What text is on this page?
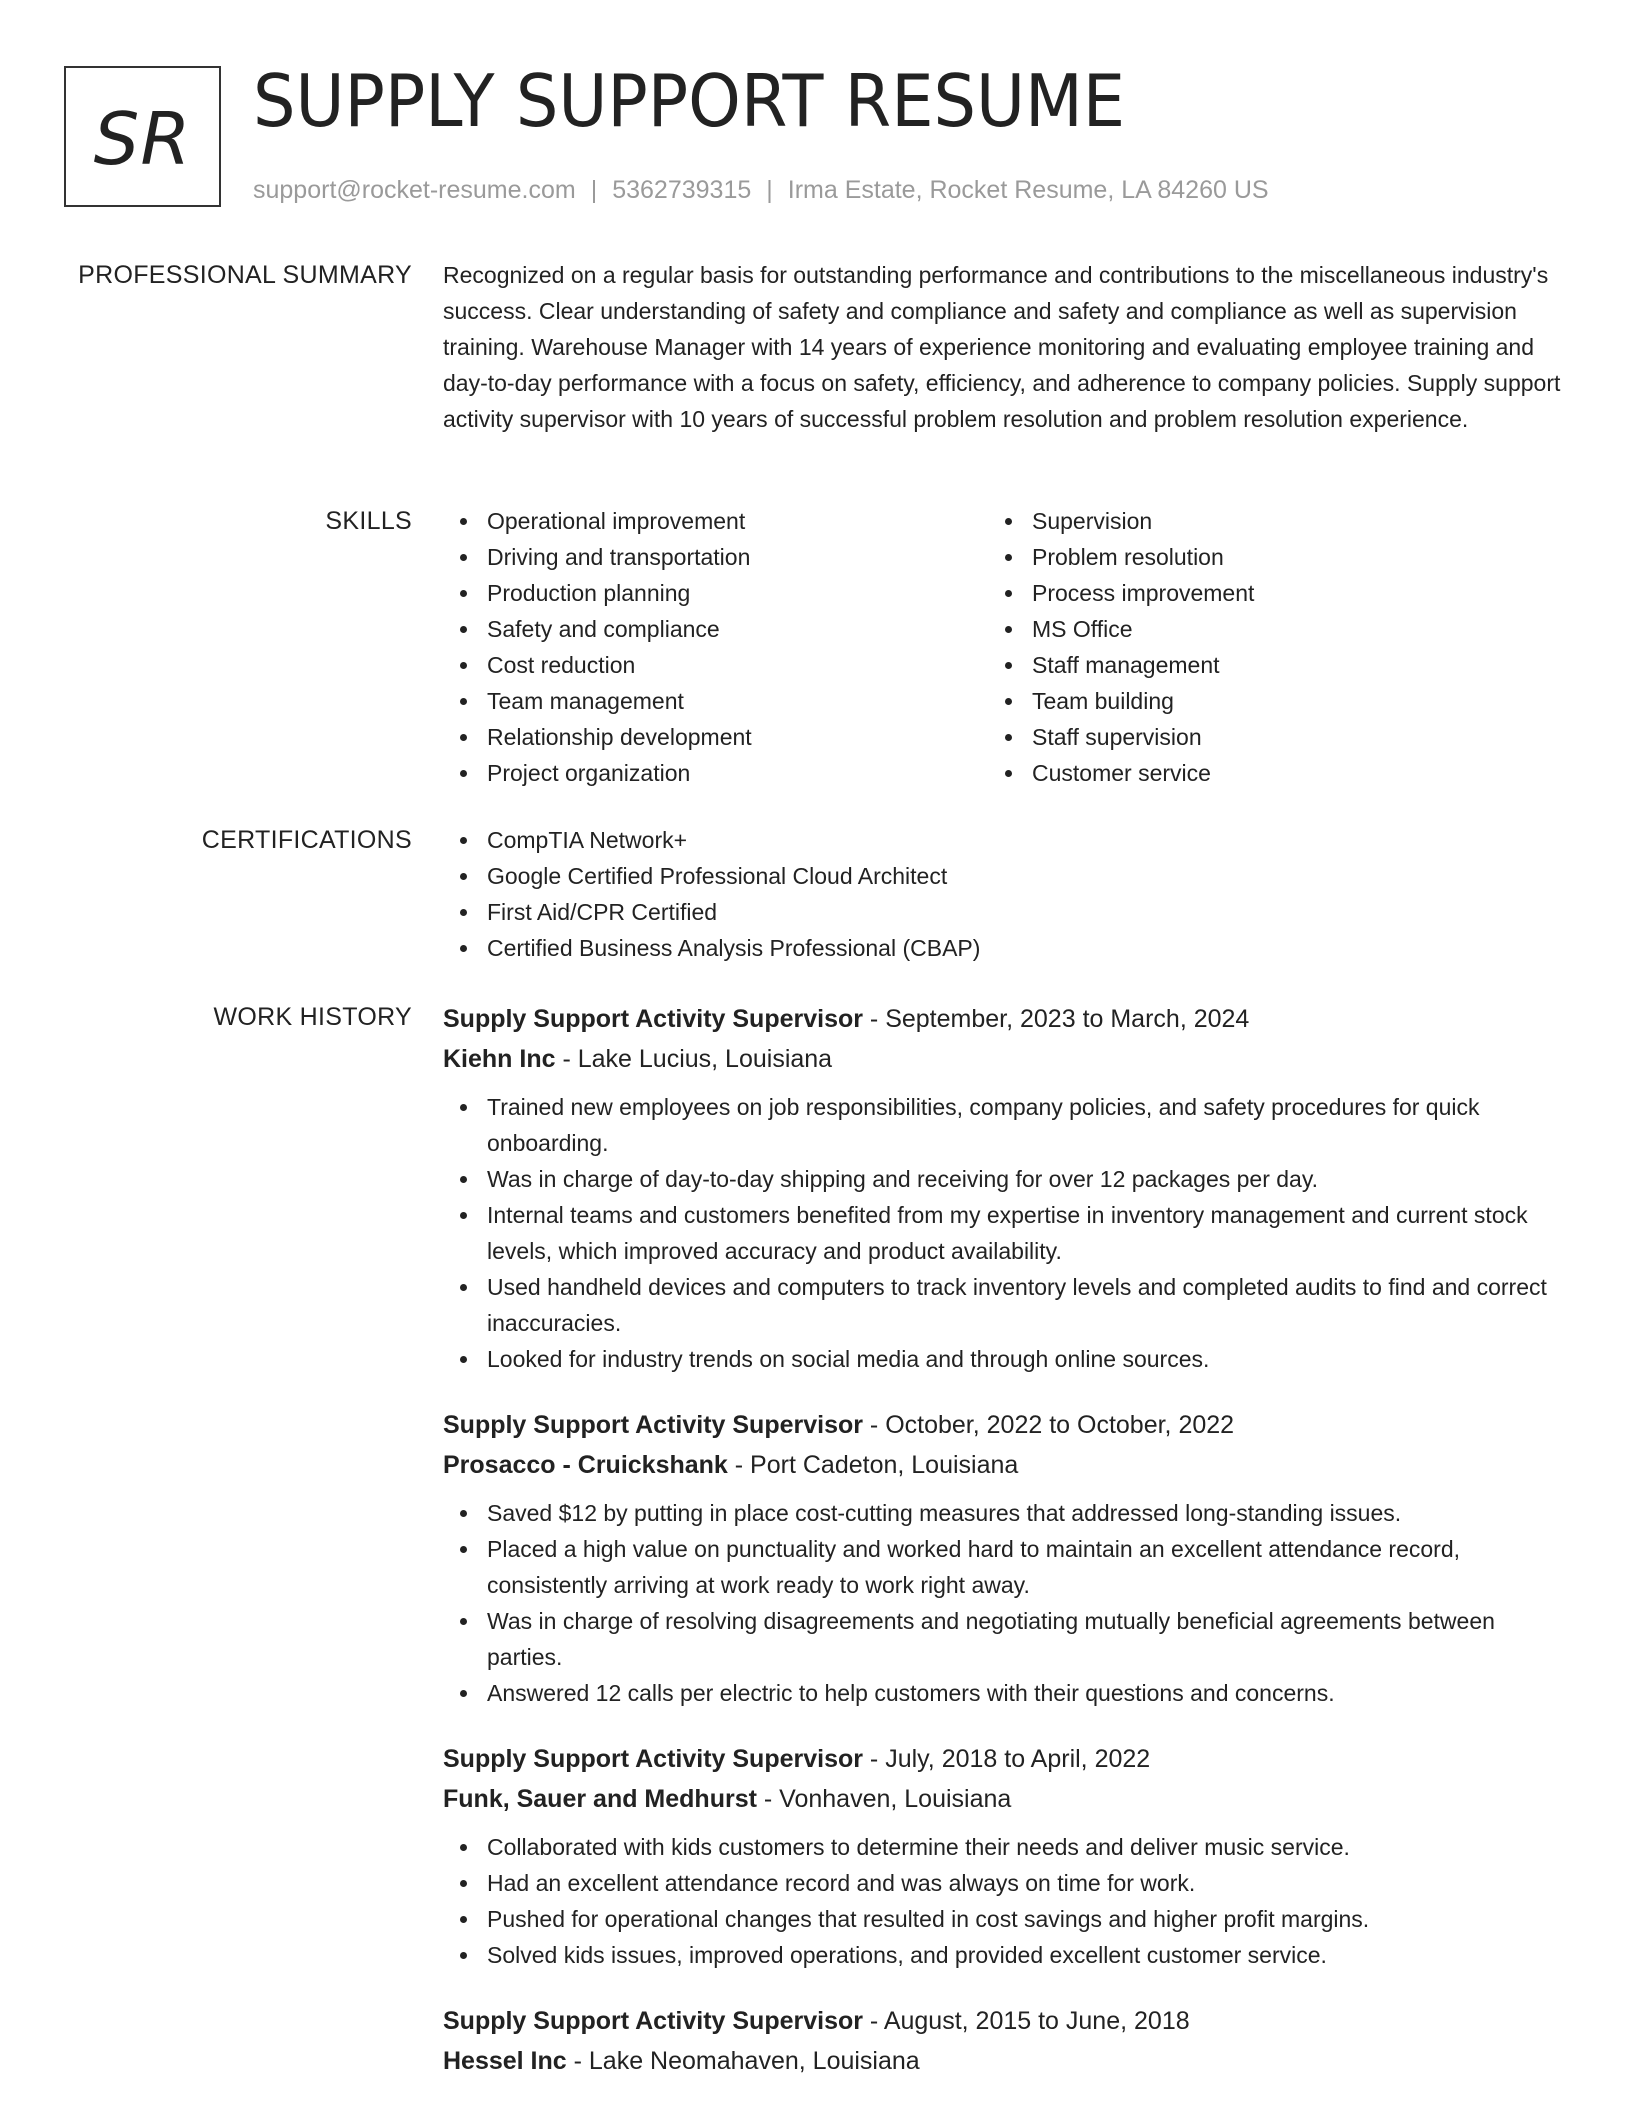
SR SUPPLY SUPPORT RESUME
support@rocket-resume.com | 5362739315 | Irma Estate, Rocket Resume, LA 84260 US
PROFESSIONAL SUMMARY Recognized on a regular basis for outstanding performance and contributions to the miscellaneous industry's success. Clear understanding of safety and compliance and safety and compliance as well as supervision training. Warehouse Manager with 14 years of experience monitoring and evaluating employee training and day-to-day performance with a focus on safety, efficiency, and adherence to company policies. Supply support activity supervisor with 10 years of successful problem resolution and problem resolution experience.

SKILLS	Operational improvement
Driving and transportation
Production planning
Safety and compliance
Cost reduction
Team management
Relationship development
Project organization
Supervision
Problem resolution
Process improvement
MS Office
Staff management
Team building
Staff supervision
Customer service
CERTIFICATIONS	CompTIA Network+
Google Certified Professional Cloud Architect
First Aid/CPR Certified
Certified Business Analysis Professional (CBAP)
WORK HISTORY Supply Support Activity Supervisor - September, 2023 to March, 2024
Kiehn Inc - Lake Lucius, Louisiana
Trained new employees on job responsibilities, company policies, and safety procedures for quick onboarding.
Was in charge of day-to-day shipping and receiving for over 12 packages per day.
Internal teams and customers benefited from my expertise in inventory management and current stock levels, which improved accuracy and product availability.
Used handheld devices and computers to track inventory levels and completed audits to find and correct inaccuracies.
Looked for industry trends on social media and through online sources.
Supply Support Activity Supervisor - October, 2022 to October, 2022
Prosacco - Cruickshank - Port Cadeton, Louisiana
Saved $12 by putting in place cost-cutting measures that addressed long-standing issues.
Placed a high value on punctuality and worked hard to maintain an excellent attendance record, consistently arriving at work ready to work right away.
Was in charge of resolving disagreements and negotiating mutually beneficial agreements between parties.
Answered 12 calls per electric to help customers with their questions and concerns.
Supply Support Activity Supervisor - July, 2018 to April, 2022
Funk, Sauer and Medhurst - Vonhaven, Louisiana
Collaborated with kids customers to determine their needs and deliver music service.
Had an excellent attendance record and was always on time for work.
Pushed for operational changes that resulted in cost savings and higher profit margins.
Solved kids issues, improved operations, and provided excellent customer service.
Supply Support Activity Supervisor - August, 2015 to June, 2018
Hessel Inc - Lake Neomahaven, Louisiana
